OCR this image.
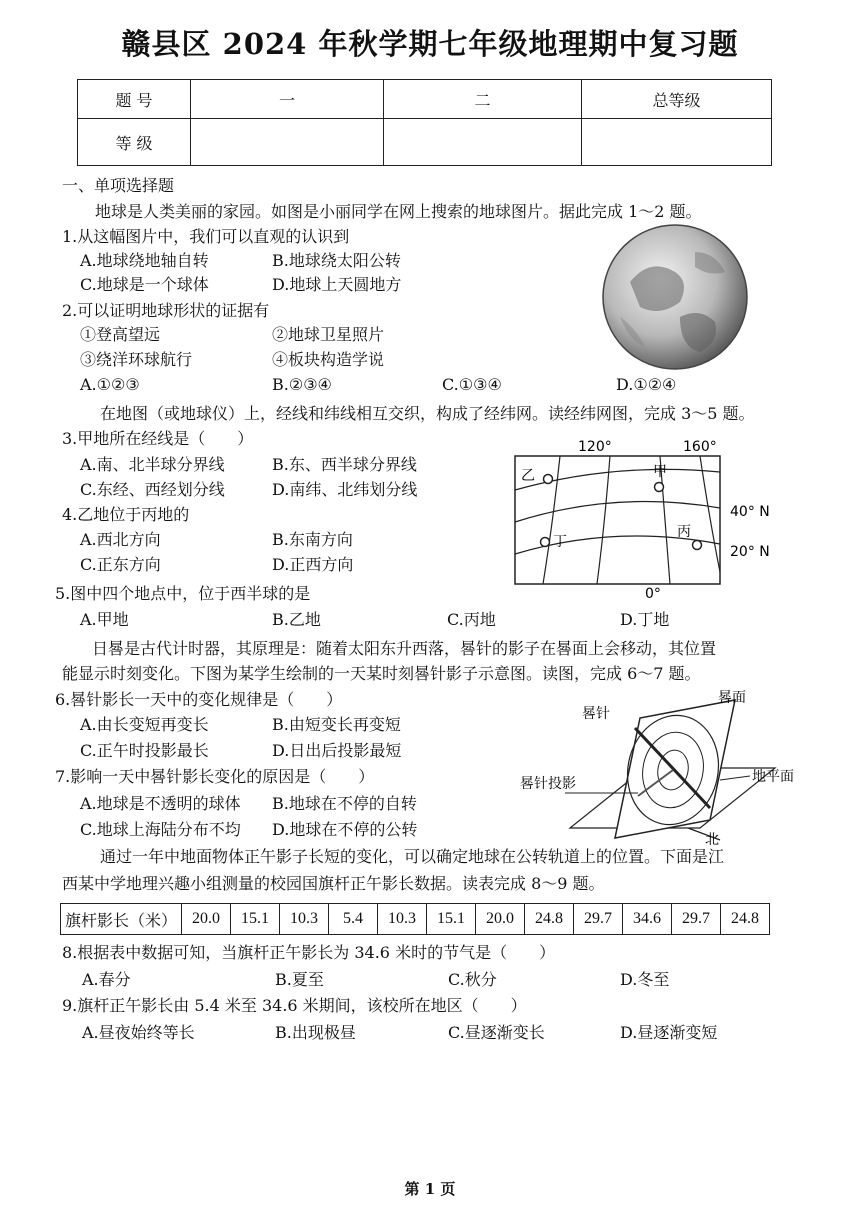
赣县区 2024 年秋学期七年级地理期中复习题
题 号	一	二	总等级
等 级			
一、单项选择题
地球是人类美丽的家园。如图是小丽同学在网上搜索的地球图片。据此完成 1～2 题。
1.从这幅图片中，我们可以直观的认识到
A.地球绕地轴自转	B.地球绕太阳公转
C.地球是一个球体	D.地球上天圆地方
2.可以证明地球形状的证据有
①登高望远	②地球卫星照片
③绕洋环球航行	④板块构造学说
A.①②③	B.②③④	C.①③④	D.①②④
在地图（或地球仪）上，经线和纬线相互交织，构成了经纬网。读经纬网图，完成 3～5 题。
3.甲地所在经线是（　　）
A.南、北半球分界线	B.东、西半球分界线
C.东经、西经划分线	D.南纬、北纬划分线
4.乙地位于丙地的
A.西北方向	B.东南方向
C.正东方向	D.正西方向
5.图中四个地点中，位于西半球的是
A.甲地	B.乙地	C.丙地	D.丁地
120°	160°
0°
40° N
20° N
乙	甲
丁
丙
日晷是古代计时器，其原理是：随着太阳东升西落，晷针的影子在晷面上会移动，其位置
能显示时刻变化。下图为某学生绘制的一天某时刻晷针影子示意图。读图，完成 6～7 题。
6.晷针影长一天中的变化规律是（　　）
A.由长变短再变长	B.由短变长再变短
C.正午时投影最长	D.日出后投影最短
7.影响一天中晷针影长变化的原因是（　　）
A.地球是不透明的球体 B.地球在不停的自转
C.地球上海陆分布不均 D.地球在不停的公转
晷针
晷面
晷针投影	地平面
北
通过一年中地面物体正午影子长短的变化，可以确定地球在公转轨道上的位置。下面是江
西某中学地理兴趣小组测量的校园国旗杆正午影长数据。读表完成 8～9 题。
旗杆影长（米）	20.0	15.1	10.3	5.4	10.3	15.1	20.0	24.8	29.7	34.6	29.7	24.8
8.根据表中数据可知，当旗杆正午影长为 34.6 米时的节气是（　　）
A.春分	B.夏至	C.秋分	D.冬至
9.旗杆正午影长由 5.4 米至 34.6 米期间，该校所在地区（　　）
A.昼夜始终等长	B.出现极昼	C.昼逐渐变长	D.昼逐渐变短
第 1 页
